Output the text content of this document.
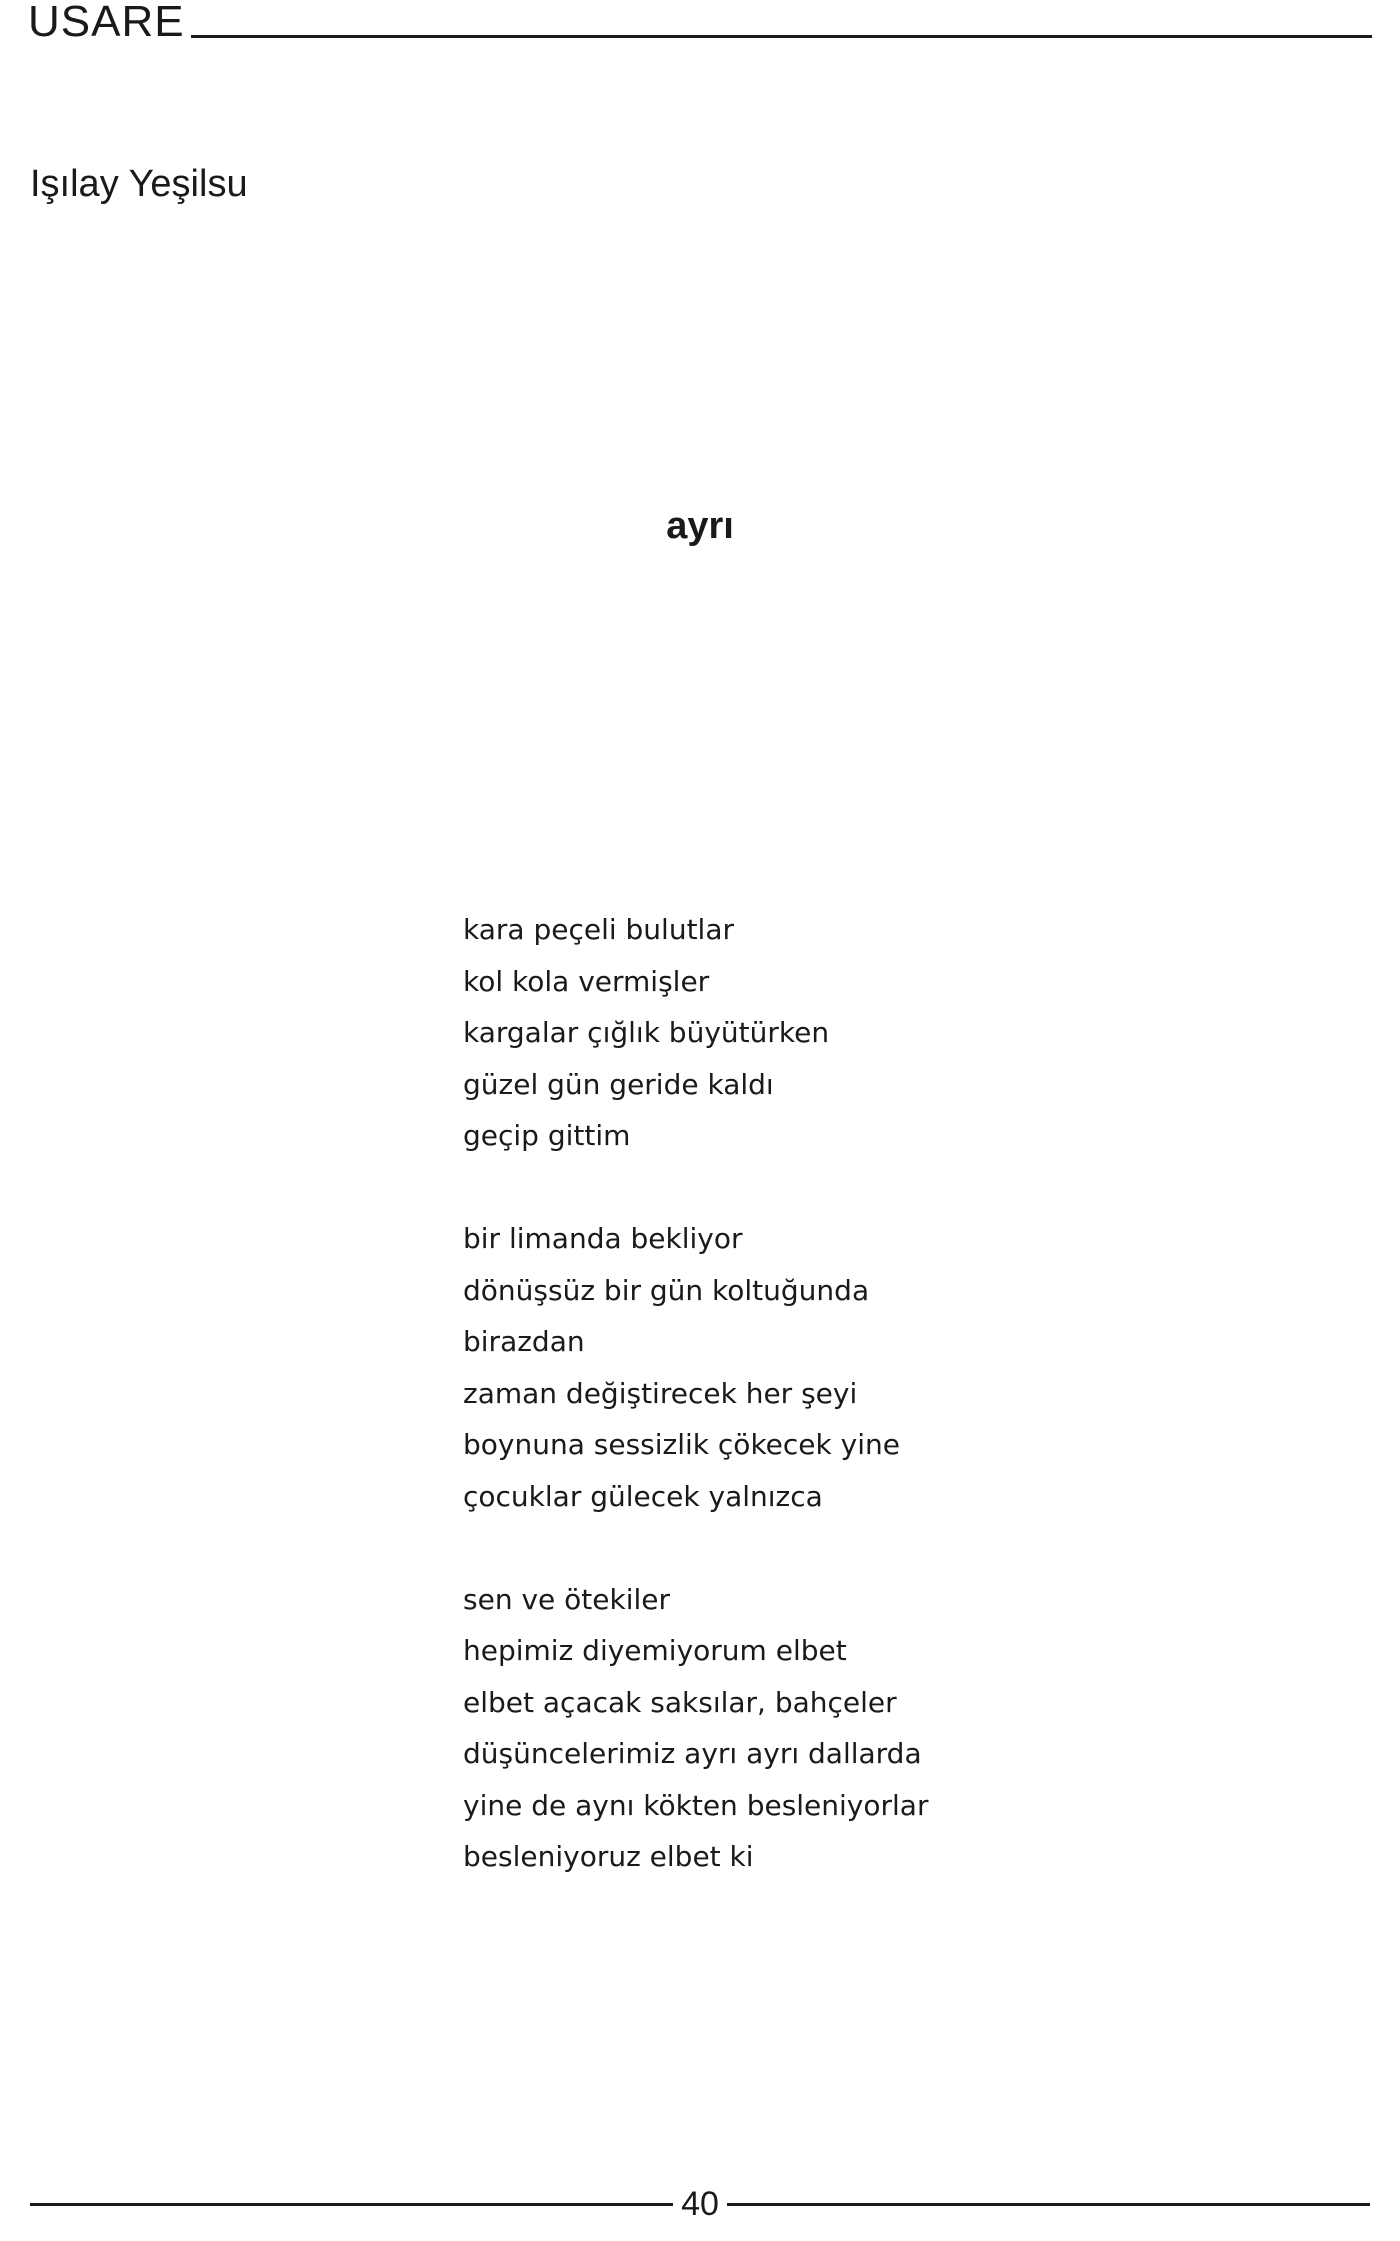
USARE
Işılay Yeşilsu
ayrı
kara peçeli bulutlar
kol kola vermişler
kargalar çığlık büyütürken
güzel gün geride kaldı
geçip gittim
bir limanda bekliyor
dönüşsüz bir gün koltuğunda
birazdan
zaman değiştirecek her şeyi
boynuna sessizlik çökecek yine
çocuklar gülecek yalnızca
sen ve ötekiler
hepimiz diyemiyorum elbet
elbet açacak saksılar, bahçeler
düşüncelerimiz ayrı ayrı dallarda
yine de aynı kökten besleniyorlar
besleniyoruz elbet ki
40
